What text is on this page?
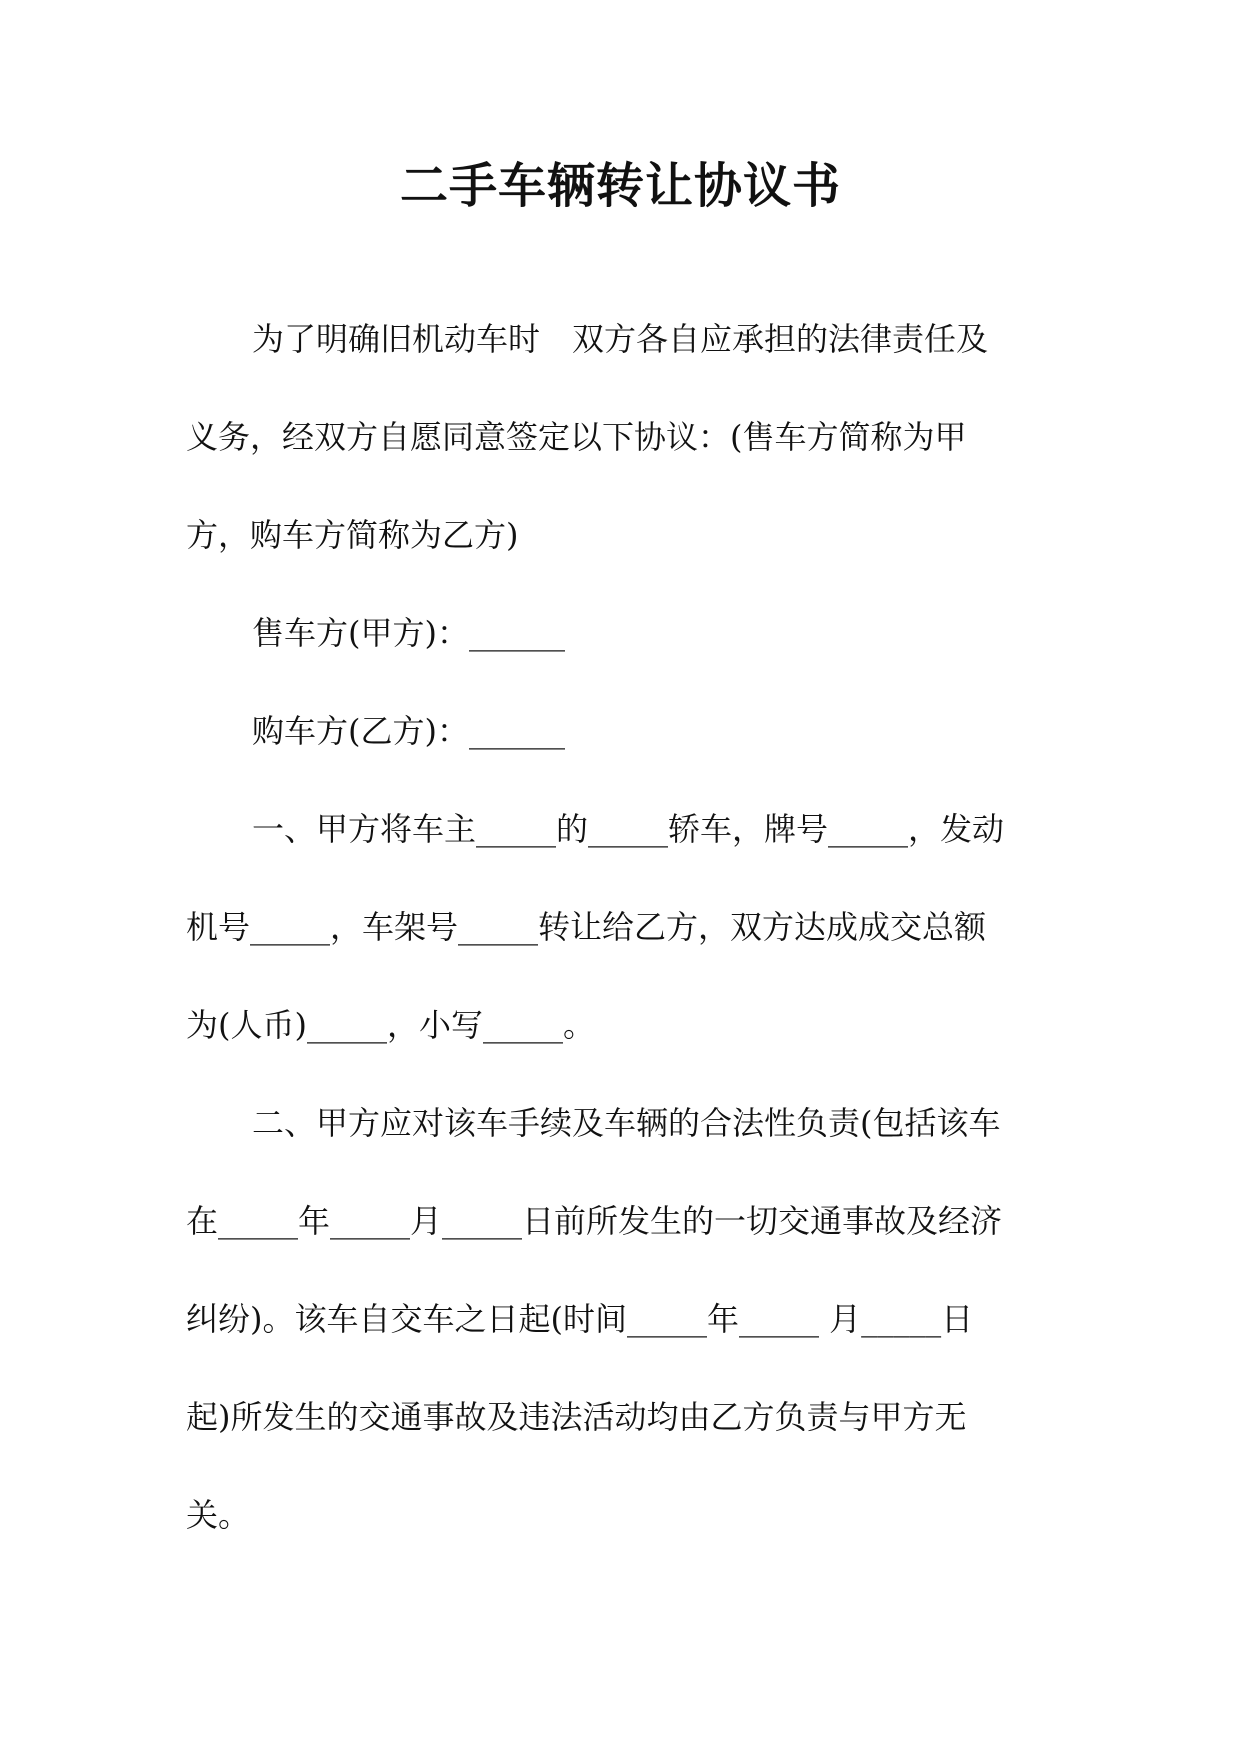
二手车辆转让协议书
为了明确旧机动车时　双方各自应承担的法律责任及
义务，经双方自愿同意签定以下协议：(售车方简称为甲
方，购车方简称为乙方)
售车方(甲方)：______
购车方(乙方)：______
一、甲方将车主_____的_____轿车，牌号_____，发动
机号_____，车架号_____转让给乙方，双方达成成交总额
为(人币)_____，小写_____。
二、甲方应对该车手续及车辆的合法性负责(包括该车
在_____年_____月_____日前所发生的一切交通事故及经济
纠纷)。该车自交车之日起(时间_____年_____ 月_____日
起)所发生的交通事故及违法活动均由乙方负责与甲方无
关。
